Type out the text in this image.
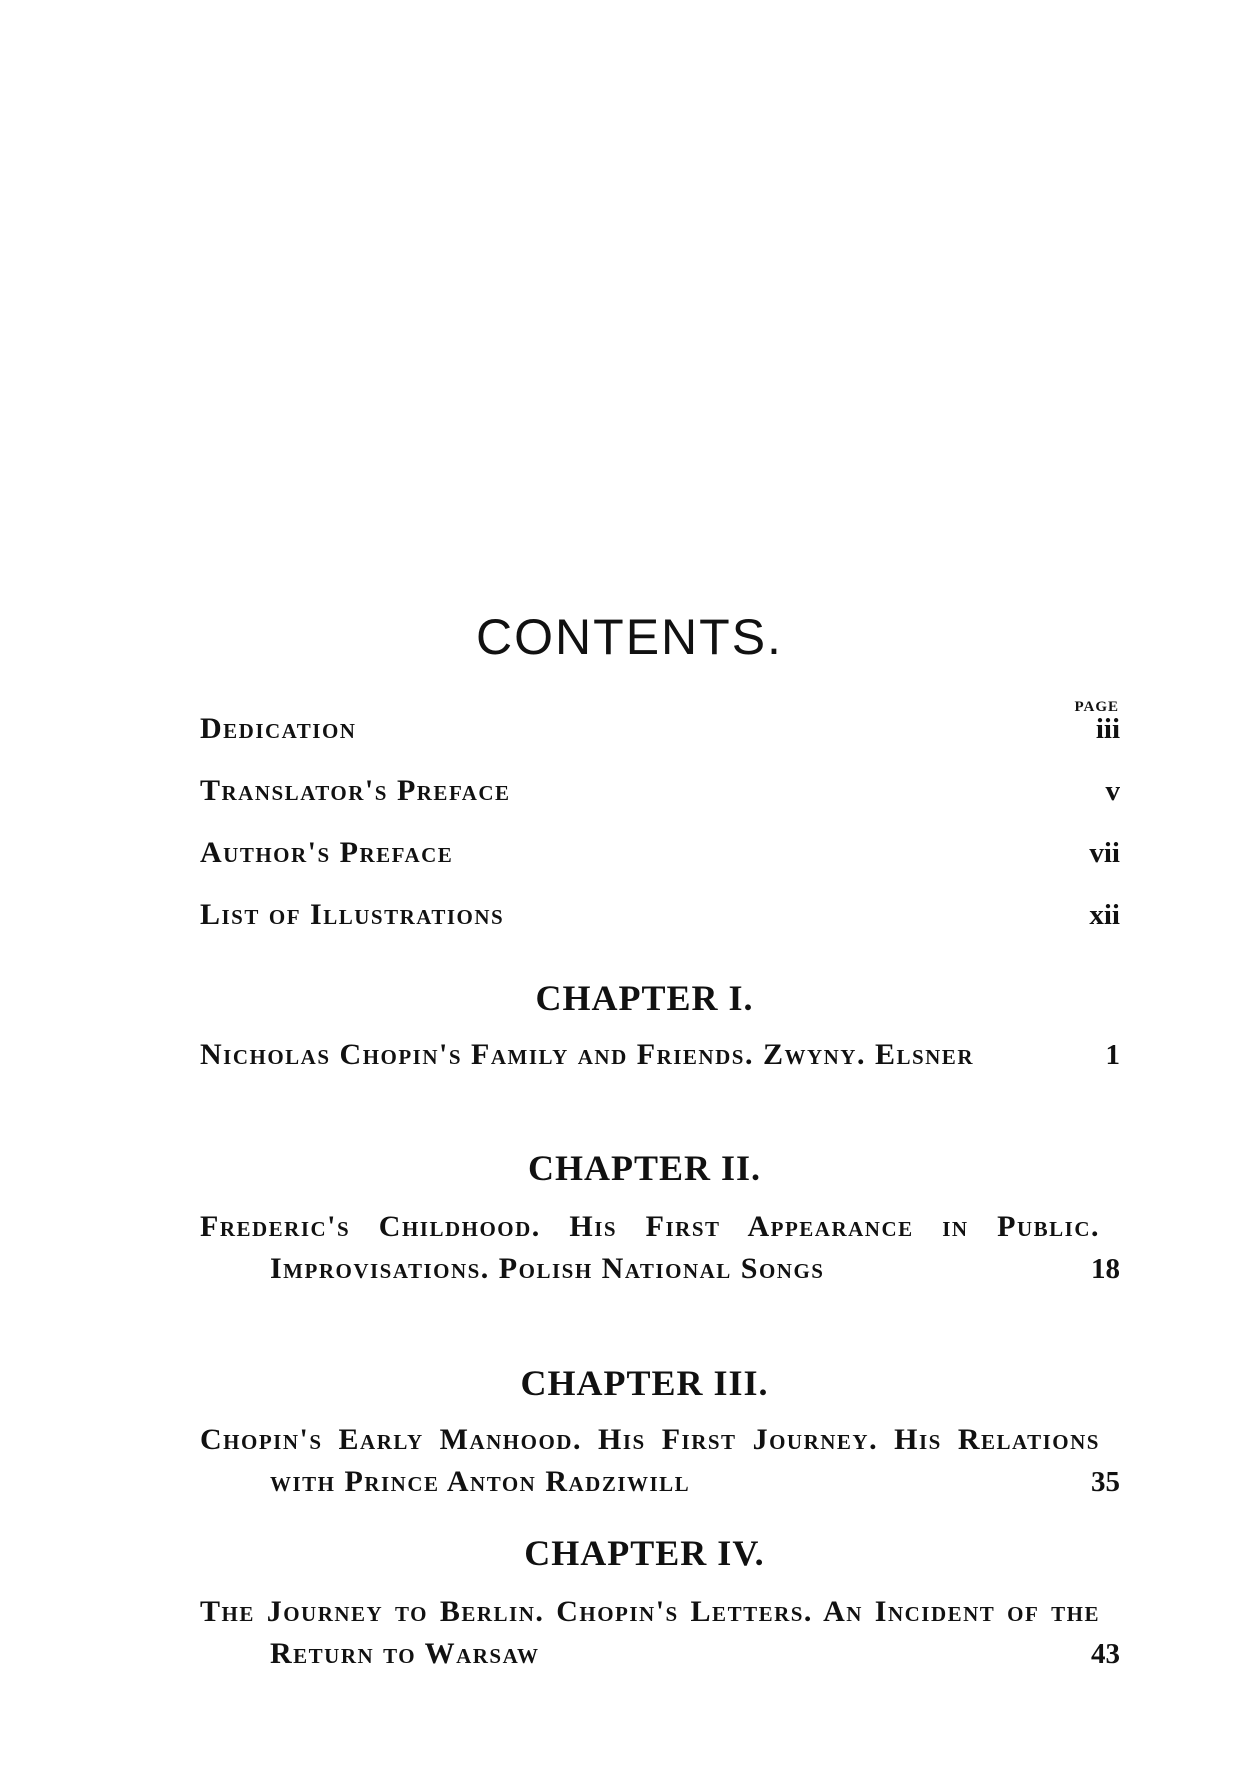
CONTENTS.
PAGE
Dedication	iii
Translator's Preface	v
Author's Preface	vii
List of Illustrations	xii
CHAPTER I.
Nicholas Chopin's Family and Friends. Zwyny. Elsner	1
CHAPTER II.
Frederic's Childhood. His First Appearance in Public. Improvisations. Polish National Songs	18
CHAPTER III.
Chopin's Early Manhood. His First Journey. His Relations with Prince Anton Radziwill	35
CHAPTER IV.
The Journey to Berlin. Chopin's Letters. An Incident of the Return to Warsaw	43
